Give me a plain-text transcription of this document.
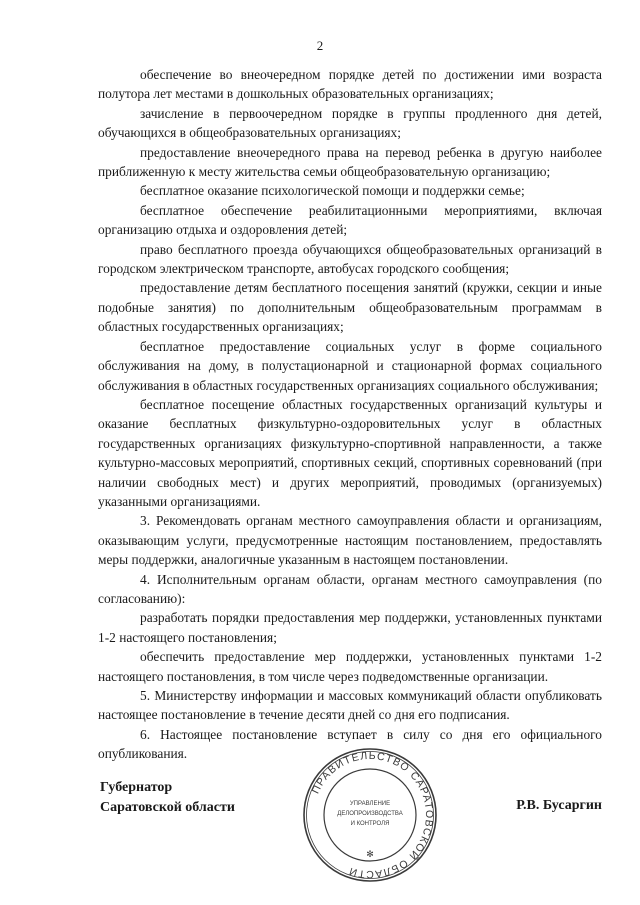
2

обеспечение во внеочередном порядке детей по достижении ими возраста полутора лет местами в дошкольных образовательных организациях;

зачисление в первоочередном порядке в группы продленного дня детей, обучающихся в общеобразовательных организациях;

предоставление внеочередного права на перевод ребенка в другую наиболее приближенную к месту жительства семьи общеобразовательную организацию;

бесплатное оказание психологической помощи и поддержки семье;

бесплатное обеспечение реабилитационными мероприятиями, включая организацию отдыха и оздоровления детей;

право бесплатного проезда обучающихся общеобразовательных организаций в городском электрическом транспорте, автобусах городского сообщения;

предоставление детям бесплатного посещения занятий (кружки, секции и иные подобные занятия) по дополнительным общеобразовательным программам в областных государственных организациях;

бесплатное предоставление социальных услуг в форме социального обслуживания на дому, в полустационарной и стационарной формах социального обслуживания в областных государственных организациях социального обслуживания;

бесплатное посещение областных государственных организаций культуры и оказание бесплатных физкультурно-оздоровительных услуг в областных государственных организациях физкультурно-спортивной направленности, а также культурно-массовых мероприятий, спортивных секций, спортивных соревнований (при наличии свободных мест) и других мероприятий, проводимых (организуемых) указанными организациями.

3. Рекомендовать органам местного самоуправления области и организациям, оказывающим услуги, предусмотренные настоящим постановлением, предоставлять меры поддержки, аналогичные указанным в настоящем постановлении.

4. Исполнительным органам области, органам местного самоуправления (по согласованию):

разработать порядки предоставления мер поддержки, установленных пунктами 1-2 настоящего постановления;

обеспечить предоставление мер поддержки, установленных пунктами 1-2 настоящего постановления, в том числе через подведомственные организации.

5. Министерству информации и массовых коммуникаций области опубликовать настоящее постановление в течение десяти дней со дня его подписания.

6. Настоящее постановление вступает в силу со дня его официального опубликования.

Губернатор
Саратовской области
ПРАВИТЕЛЬСТВО САРАТОВСКОЙ ОБЛАСТИ
УПРАВЛЕНИЕ
ДЕЛОПРОИЗВОДСТВА
И КОНТРОЛЯ
✻
Р.В. Бусаргин
